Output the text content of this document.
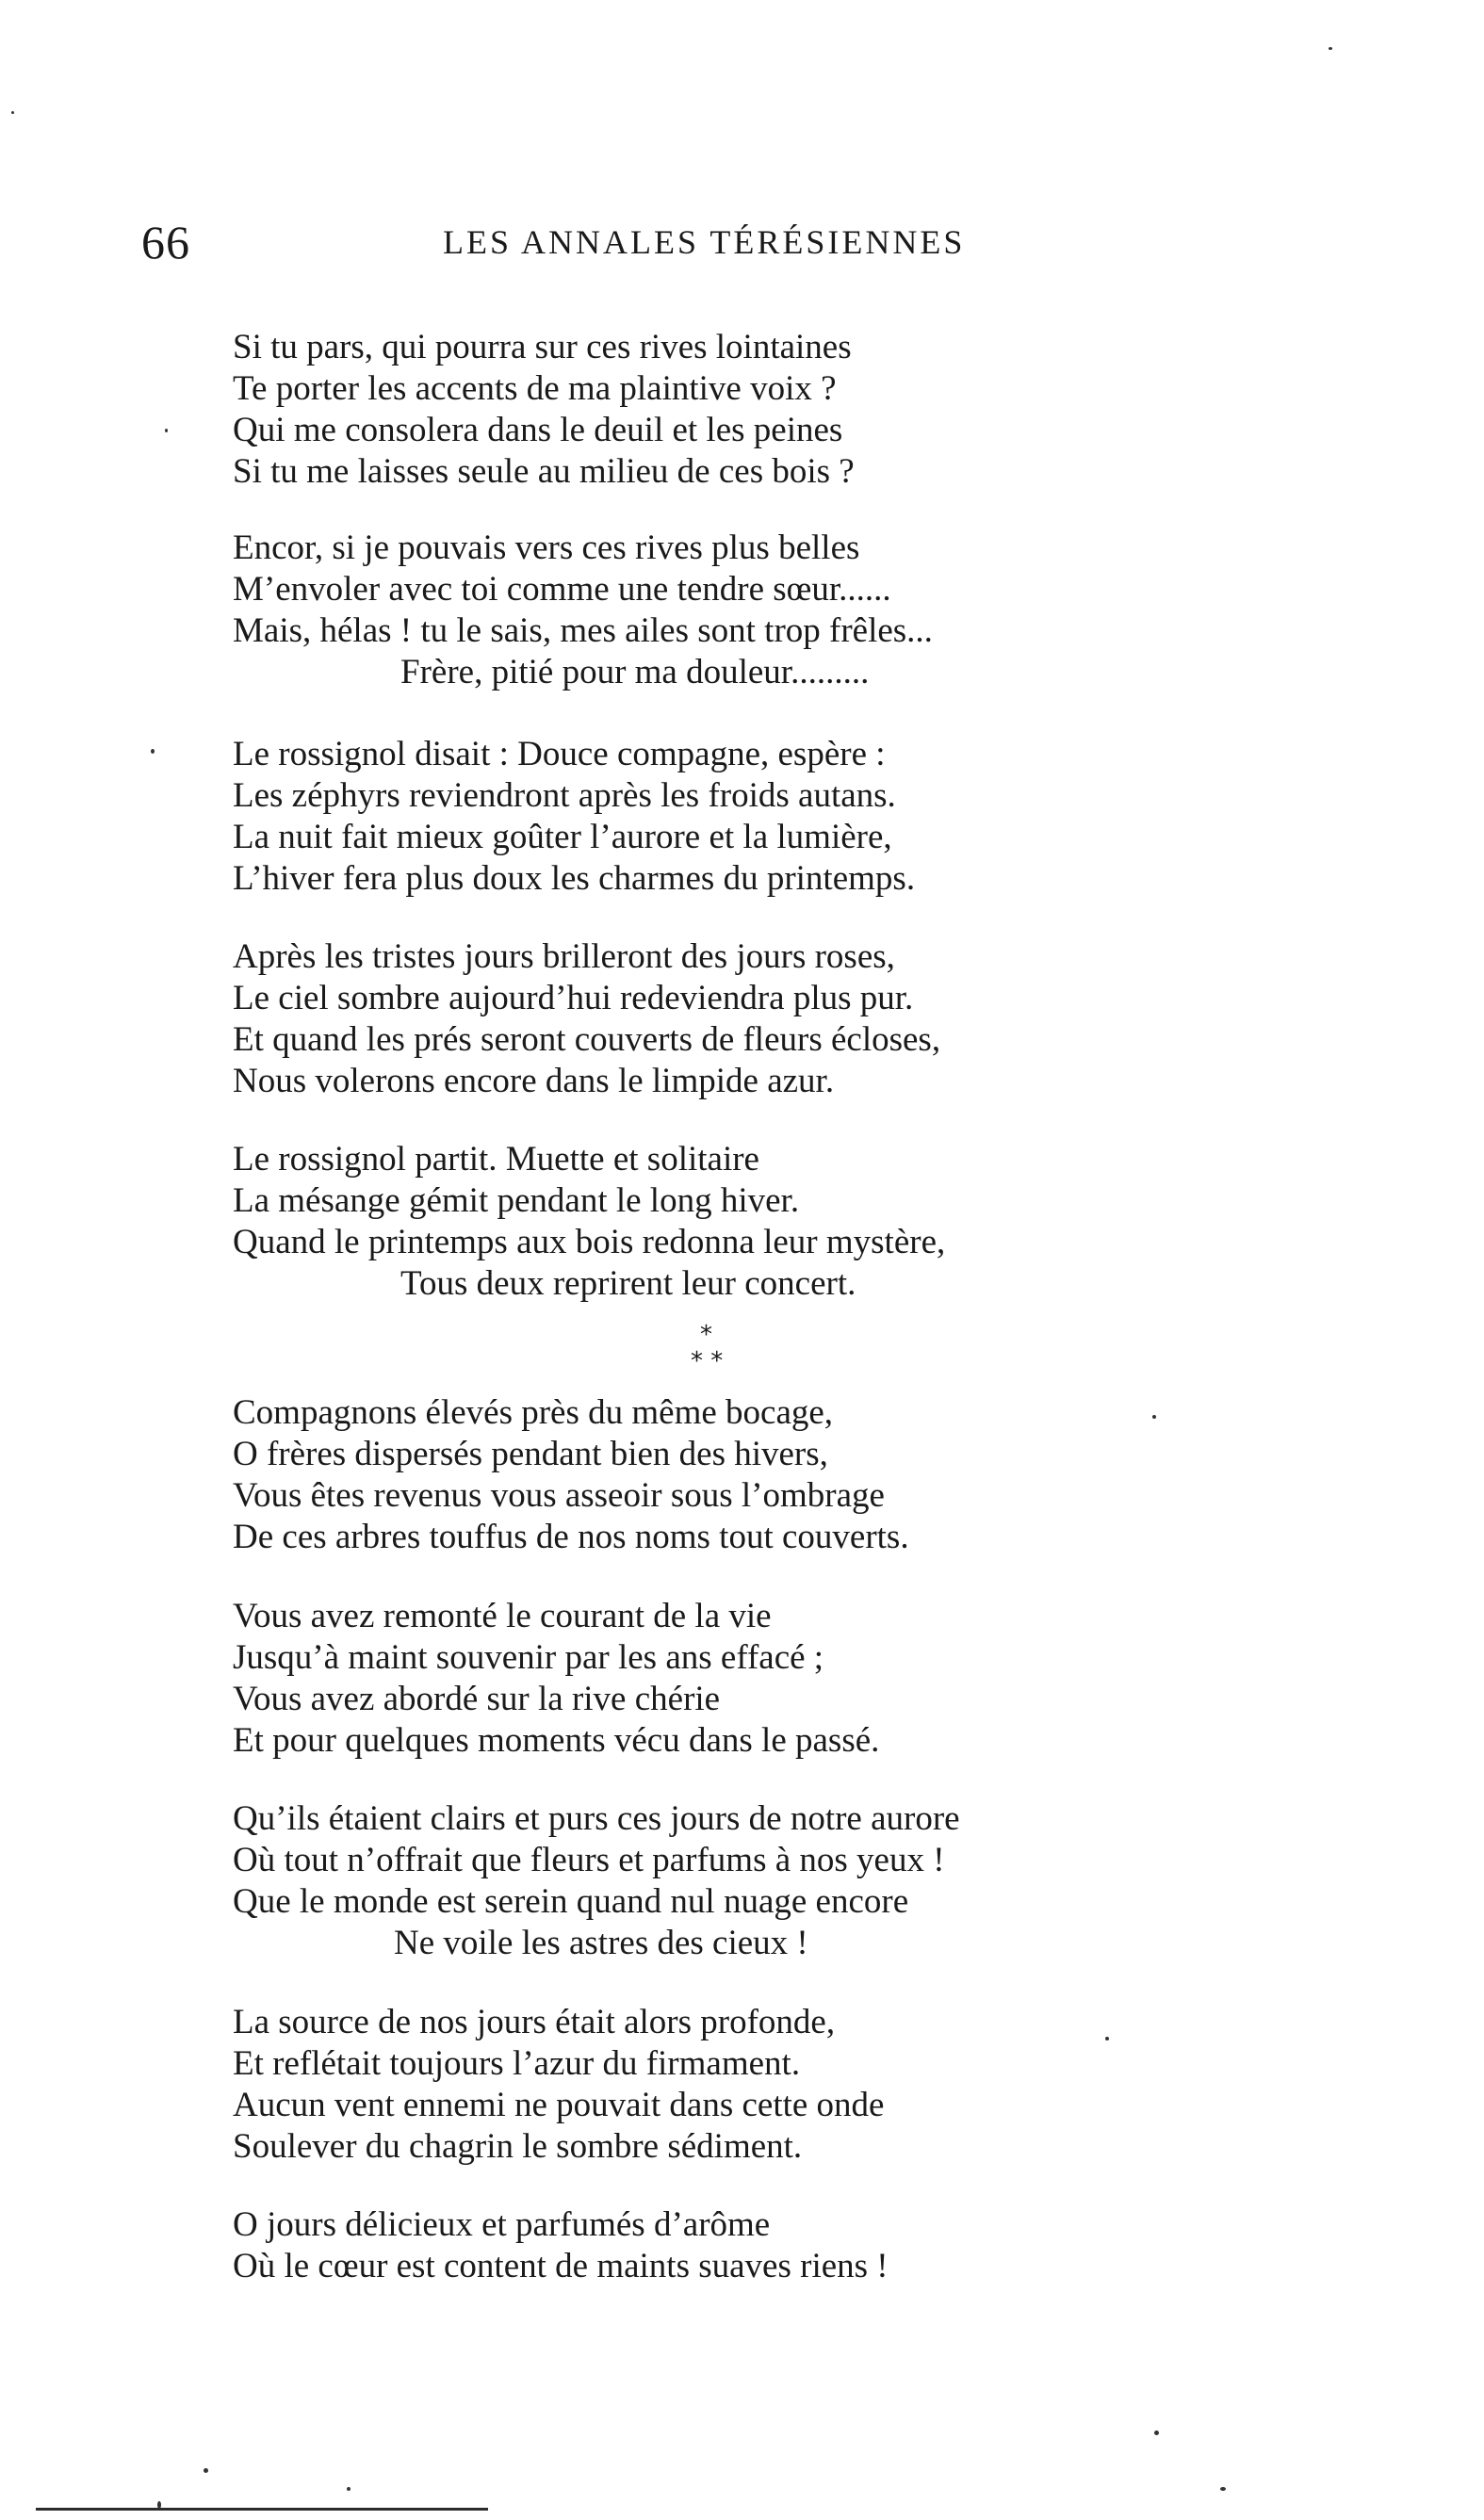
66	LES ANNALES TÉRÉSIENNES
Si tu pars, qui pourra sur ces rives lointaines
Te porter les accents de ma plaintive voix ?
Qui me consolera dans le deuil et les peines
Si tu me laisses seule au milieu de ces bois ?
Encor, si je pouvais vers ces rives plus belles
M’envoler avec toi comme une tendre sœur......
Mais, hélas ! tu le sais, mes ailes sont trop frêles...
Frère, pitié pour ma douleur.........
Le rossignol disait : Douce compagne, espère :
Les zéphyrs reviendront après les froids autans.
La nuit fait mieux goûter l’aurore et la lumière,
L’hiver fera plus doux les charmes du printemps.
Après les tristes jours brilleront des jours roses,
Le ciel sombre aujourd’hui redeviendra plus pur.
Et quand les prés seront couverts de fleurs écloses,
Nous volerons encore dans le limpide azur.
Le rossignol partit. Muette et solitaire
La mésange gémit pendant le long hiver.
Quand le printemps aux bois redonna leur mystère,
Tous deux reprirent leur concert.
*
* *
Compagnons élevés près du même bocage,
O frères dispersés pendant bien des hivers,
Vous êtes revenus vous asseoir sous l’ombrage
De ces arbres touffus de nos noms tout couverts.
Vous avez remonté le courant de la vie
Jusqu’à maint souvenir par les ans effacé ;
Vous avez abordé sur la rive chérie
Et pour quelques moments vécu dans le passé.
Qu’ils étaient clairs et purs ces jours de notre aurore
Où tout n’offrait que fleurs et parfums à nos yeux !
Que le monde est serein quand nul nuage encore
Ne voile les astres des cieux !
La source de nos jours était alors profonde,
Et reflétait toujours l’azur du firmament.
Aucun vent ennemi ne pouvait dans cette onde
Soulever du chagrin le sombre sédiment.
O jours délicieux et parfumés d’arôme
Où le cœur est content de maints suaves riens !
